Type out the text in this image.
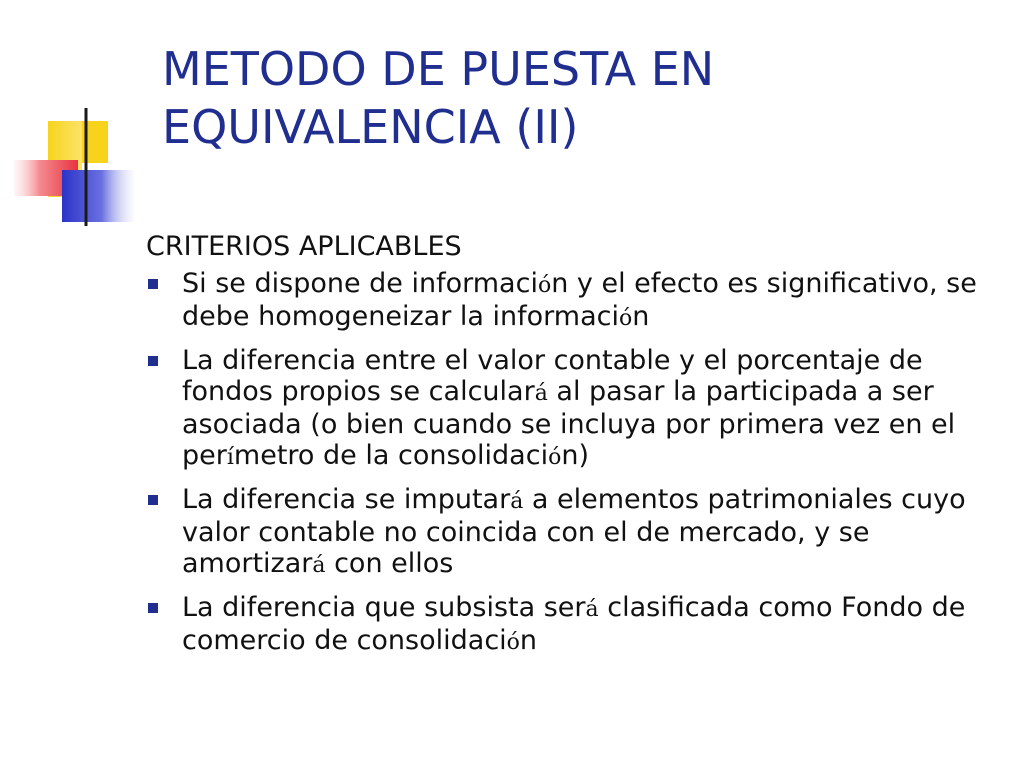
METODO DE PUESTA EN
EQUIVALENCIA (II)
CRITERIOS APLICABLES
Si se dispone de información y el efecto es significativo, se debe homogeneizar la información
La diferencia entre el valor contable y el porcentaje de fondos propios se calculará al pasar la participada a ser asociada (o bien cuando se incluya por primera vez en el perímetro de la consolidación)
La diferencia se imputará a elementos patrimoniales cuyo valor contable no coincida con el de mercado, y se amortizará con ellos
La diferencia que subsista será clasificada como Fondo de comercio de consolidación
